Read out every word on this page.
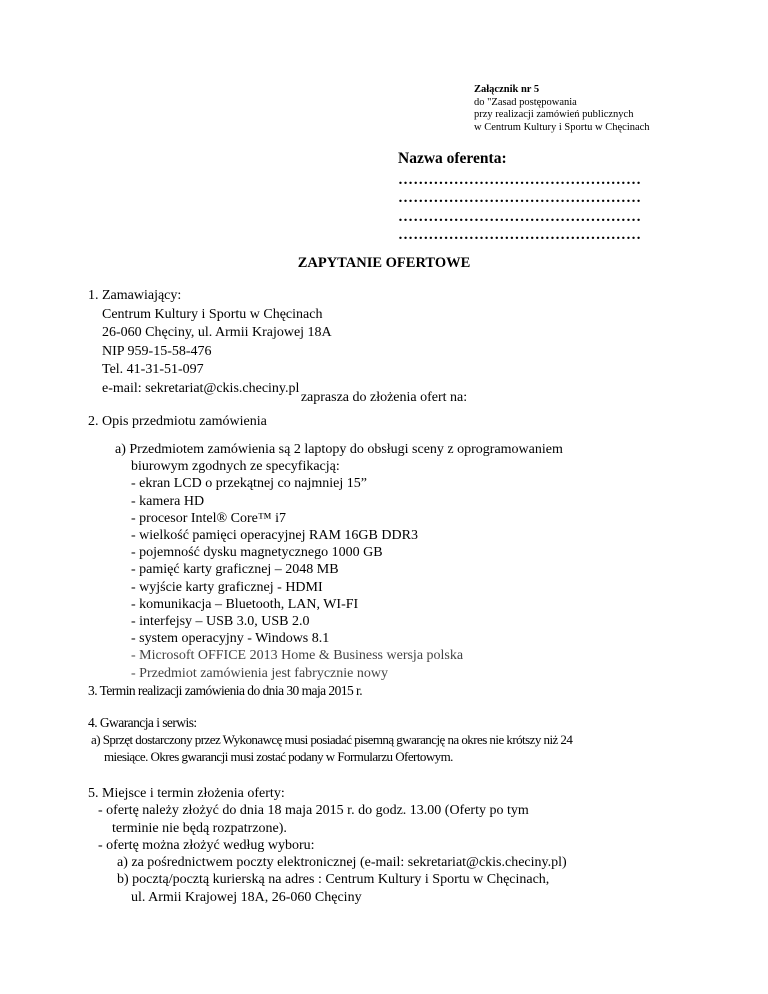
Załącznik nr 5
do "Zasad postępowania
przy realizacji zamówień publicznych
w Centrum Kultury i Sportu w Chęcinach
Nazwa oferenta:
…………………………………………
…………………………………………
…………………………………………
…………………………………………
ZAPYTANIE OFERTOWE
1. Zamawiający:
Centrum Kultury i Sportu w Chęcinach
26-060 Chęciny, ul. Armii Krajowej 18A
NIP 959-15-58-476
Tel. 41-31-51-097
e-mail: sekretariat@ckis.checiny.pl
zaprasza do złożenia ofert na:
2. Opis przedmiotu zamówienia
a) Przedmiotem zamówienia są 2 laptopy do obsługi sceny z oprogramowaniem
biurowym zgodnych ze specyfikacją:
- ekran LCD o przekątnej co najmniej 15”
- kamera HD
- procesor Intel® Core™ i7
- wielkość pamięci operacyjnej RAM 16GB DDR3
- pojemność dysku magnetycznego 1000 GB
- pamięć karty graficznej – 2048 MB
- wyjście karty graficznej - HDMI
- komunikacja – Bluetooth, LAN, WI-FI
- interfejsy – USB 3.0, USB 2.0
- system operacyjny - Windows 8.1
- Microsoft OFFICE 2013 Home & Business wersja polska
- Przedmiot zamówienia jest fabrycznie nowy
3. Termin realizacji zamówienia do dnia 30 maja 2015 r.
4. Gwarancja i serwis:
a) Sprzęt dostarczony przez Wykonawcę musi posiadać pisemną gwarancję na okres nie krótszy niż 24
miesiące. Okres gwarancji musi zostać podany w Formularzu Ofertowym.
5. Miejsce i termin złożenia oferty:
- ofertę należy złożyć do dnia 18 maja 2015 r. do godz. 13.00 (Oferty po tym
terminie nie będą rozpatrzone).
- ofertę można złożyć według wyboru:
a) za pośrednictwem poczty elektronicznej (e-mail: sekretariat@ckis.checiny.pl)
b) pocztą/pocztą kurierską na adres : Centrum Kultury i Sportu w Chęcinach,
ul. Armii Krajowej 18A, 26-060 Chęciny
